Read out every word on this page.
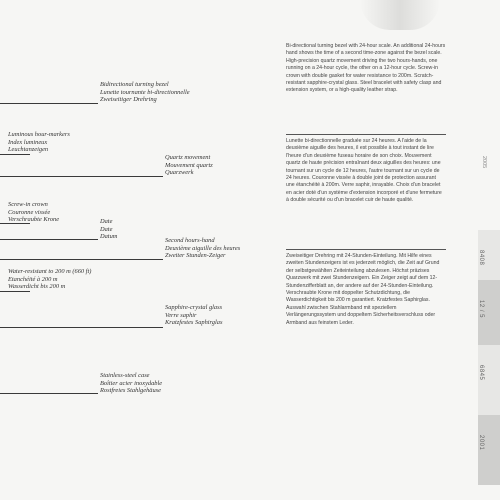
Bidirectional turning bezel
Lunette tournante bi-directionnelle
Zweiseitiger Drehring
Luminous hour-markers
Index lumineux
Leuchtanzeigen
Quartz movement
Mouvement quartz
Quarzwerk
Screw-in crown
Couronne vissée
Verschraubte Krone	Date
Date
Datum
Second hours-hand
Deuxième aiguille des heures
Zweiter Stunden-Zeiger
Water-resistant to 200 m (660 ft)
Etanchéité à 200 m
Wasserdicht bis 200 m
Sapphire-crystal glass
Verre saphir
Kratzfestes Saphirglas
Stainless-steel case
Boîtier acier inoxydable
Rostfreies Stahlgehäuse

Bi-directional turning bezel with 24-hour scale. An additional 24-hours hand shows the time of a second time-zone against the bezel scale. High-precision quartz movement driving the two hours-hands, one running on a 24-hour cycle, the other on a 12-hour cycle. Screw-in crown with double gasket for water resistance to 200m. Scratch-resistant sapphire-crystal glass. Steel bracelet with safety clasp and extension system, or a high-quality leather strap.

Lunette bi-directionnelle graduée sur 24 heures. A l'aide de la deuxième aiguille des heures, il est possible à tout instant de lire l'heure d'un deuxième fuseau horaire de son choix. Mouvement quartz de haute précision entraînant deux aiguilles des heures: une tournant sur un cycle de 12 heures, l'autre tournant sur un cycle de 24 heures. Couronne vissée à double joint de protection assurant une étanchéité à 200m. Verre saphir, inrayable. Choix d'un bracelet en acier doté d'un système d'extension incorporé et d'une fermeture à double sécurité ou d'un bracelet cuir de haute qualité.

Zweiseitiger Drehring mit 24-Stunden-Einteilung. Mit Hilfe eines zweiten Stundenzeigers ist es jederzeit möglich, die Zeit auf Grund der selbstgewählten Zeiteinteilung abzulesen. Höchst präzises Quarzwerk mit zwei Stundenzeigern. Ein Zeiger zeigt auf dem 12-Stundenzifferblatt an, der andere auf der 24-Stunden-Einteilung. Verschraubte Krone mit doppelter Schutzdichtung, die Wasserdichtigkeit bis 200 m garantiert. Kratzfestes Saphirglas. Auswahl zwischen Stahlarmband mit speziellem Verlängerungssystem und doppeltem Sicherheitsverschluss oder Armband aus feinstem Leder.

2005
8408
12 / 5
6845
2001
